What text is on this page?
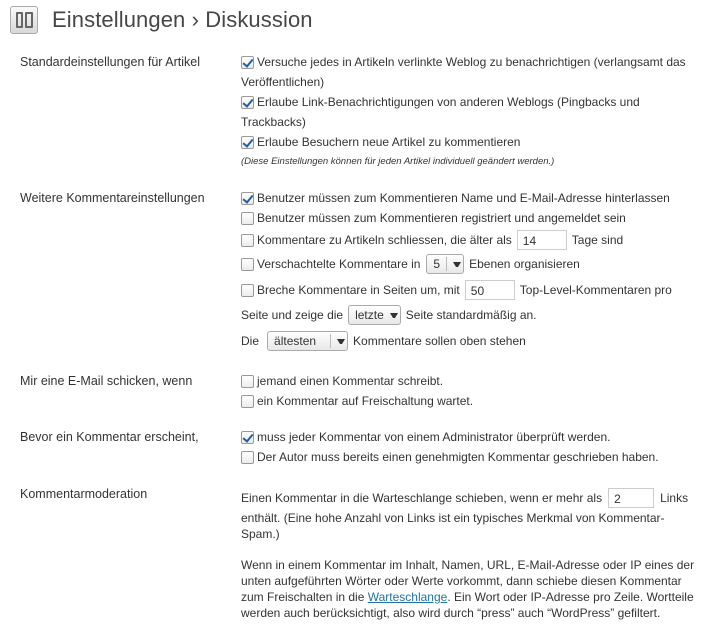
Einstellungen › Diskussion
Standardeinstellungen für Artikel	Versuche jedes in Artikeln verlinkte Weblog zu benachrichtigen (verlangsamt das
Veröffentlichen)
Erlaube Link-Benachrichtigungen von anderen Weblogs (Pingbacks und
Trackbacks)
Erlaube Besuchern neue Artikel zu kommentieren
(Diese Einstellungen können für jeden Artikel individuell geändert werden.)
Weitere Kommentareinstellungen	Benutzer müssen zum Kommentieren Name und E-Mail-Adresse hinterlassen
Benutzer müssen zum Kommentieren registriert und angemeldet sein
Kommentare zu Artikeln schliessen, die älter als 14	Tage sind
Verschachtelte Kommentare in 5 Ebenen organisieren
Breche Kommentare in Seiten um, mit 50	Top-Level-Kommentaren pro
Seite und zeige die letzte Seite standardmäßig an.
Die ältesten	Kommentare sollen oben stehen
Mir eine E-Mail schicken, wenn	jemand einen Kommentar schreibt.
ein Kommentar auf Freischaltung wartet.
Bevor ein Kommentar erscheint,	muss jeder Kommentar von einem Administrator überprüft werden.
Der Autor muss bereits einen genehmigten Kommentar geschrieben haben.
Kommentarmoderation	Einen Kommentar in die Warteschlange schieben, wenn er mehr als	2	Links
enthält. (Eine hohe Anzahl von Links ist ein typisches Merkmal von Kommentar-
Spam.)
Wenn in einem Kommentar im Inhalt, Namen, URL, E-Mail-Adresse oder IP eines der
unten aufgeführten Wörter oder Werte vorkommt, dann schiebe diesen Kommentar
zum Freischalten in die Warteschlange. Ein Wort oder IP-Adresse pro Zeile. Wortteile
werden auch berücksichtigt, also wird durch “press” auch “WordPress” gefiltert.
